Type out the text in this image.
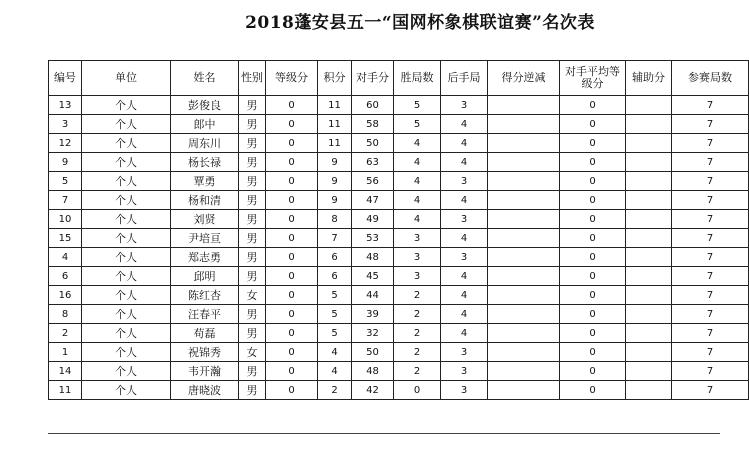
2018蓬安县五一“国网杯象棋联谊赛”名次表
编号	单位	姓名	性别	等级分	积分	对手分	胜局数	后手局	得分逆减	对手平均等级分	辅助分	参赛局数
13	个人	彭俊良	男	0	11	60	5	3		0		7
3	个人	郎中	男	0	11	58	5	4		0		7
12	个人	周东川	男	0	11	50	4	4		0		7
9	个人	杨长禄	男	0	9	63	4	4		0		7
5	个人	覃勇	男	0	9	56	4	3		0		7
7	个人	杨和清	男	0	9	47	4	4		0		7
10	个人	刘贤	男	0	8	49	4	3		0		7
15	个人	尹培亘	男	0	7	53	3	4		0		7
4	个人	郑志勇	男	0	6	48	3	3		0		7
6	个人	邱明	男	0	6	45	3	4		0		7
16	个人	陈红杏	女	0	5	44	2	4		0		7
8	个人	汪春平	男	0	5	39	2	4		0		7
2	个人	苟磊	男	0	5	32	2	4		0		7
1	个人	祝锦秀	女	0	4	50	2	3		0		7
14	个人	韦开瀚	男	0	4	48	2	3		0		7
11	个人	唐晓波	男	0	2	42	0	3		0		7
